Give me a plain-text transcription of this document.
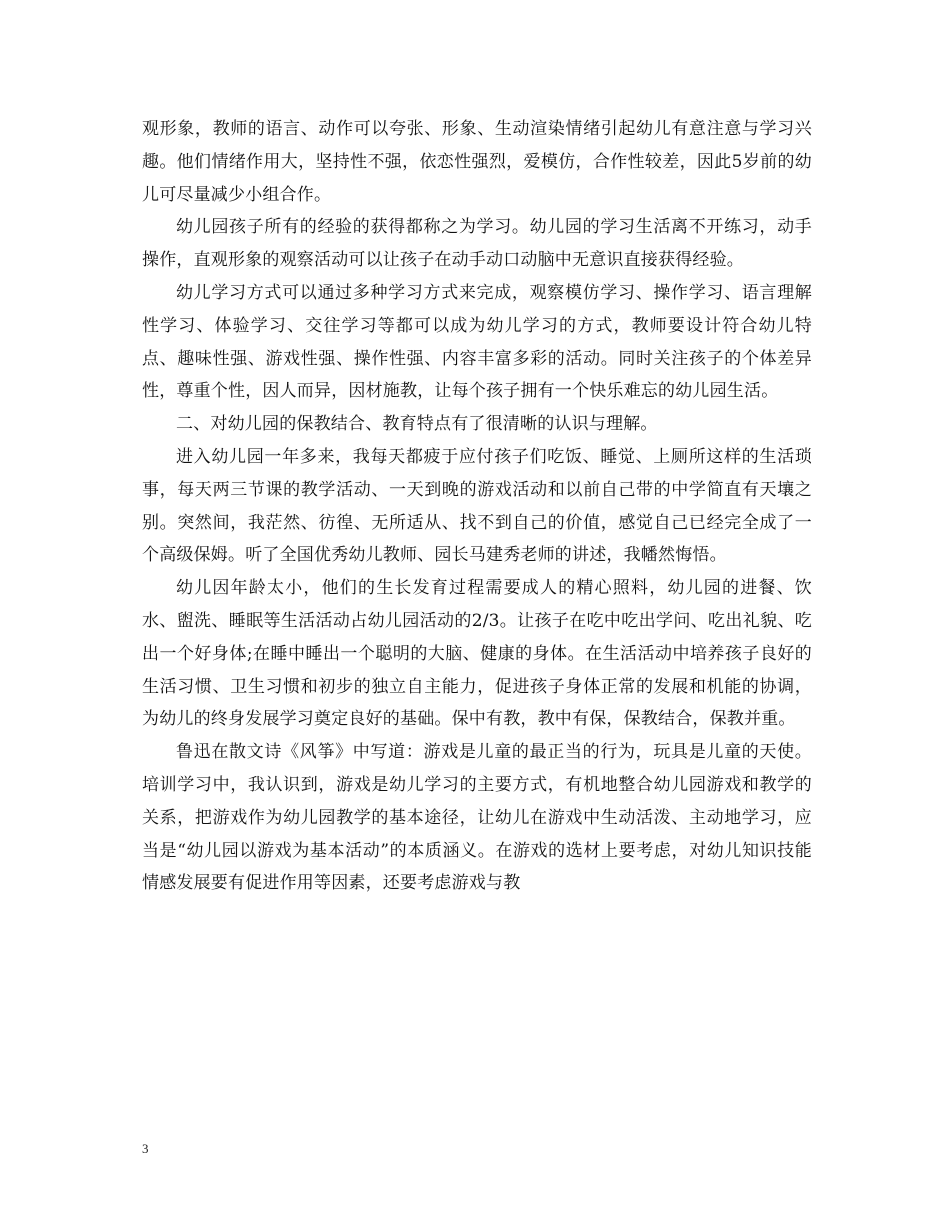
观形象，教师的语言、动作可以夸张、形象、生动渲染情绪引起幼儿有意注意与学习兴趣。他们情绪作用大，坚持性不强，依恋性强烈，爱模仿，合作性较差，因此5岁前的幼儿可尽量减少小组合作。

幼儿园孩子所有的经验的获得都称之为学习。幼儿园的学习生活离不开练习，动手操作，直观形象的观察活动可以让孩子在动手动口动脑中无意识直接获得经验。

幼儿学习方式可以通过多种学习方式来完成，观察模仿学习、操作学习、语言理解性学习、体验学习、交往学习等都可以成为幼儿学习的方式，教师要设计符合幼儿特点、趣味性强、游戏性强、操作性强、内容丰富多彩的活动。同时关注孩子的个体差异性，尊重个性，因人而异，因材施教，让每个孩子拥有一个快乐难忘的幼儿园生活。

二、对幼儿园的保教结合、教育特点有了很清晰的认识与理解。

进入幼儿园一年多来，我每天都疲于应付孩子们吃饭、睡觉、上厕所这样的生活琐事，每天两三节课的教学活动、一天到晚的游戏活动和以前自己带的中学简直有天壤之别。突然间，我茫然、彷徨、无所适从、找不到自己的价值，感觉自己已经完全成了一个高级保姆。听了全国优秀幼儿教师、园长马建秀老师的讲述，我幡然悔悟。

幼儿因年龄太小，他们的生长发育过程需要成人的精心照料，幼儿园的进餐、饮水、盥洗、睡眠等生活活动占幼儿园活动的2/3。让孩子在吃中吃出学问、吃出礼貌、吃出一个好身体;在睡中睡出一个聪明的大脑、健康的身体。在生活活动中培养孩子良好的生活习惯、卫生习惯和初步的独立自主能力，促进孩子身体正常的发展和机能的协调，为幼儿的终身发展学习奠定良好的基础。保中有教，教中有保，保教结合，保教并重。

鲁迅在散文诗《风筝》中写道：游戏是儿童的最正当的行为，玩具是儿童的天使。培训学习中，我认识到，游戏是幼儿学习的主要方式，有机地整合幼儿园游戏和教学的关系，把游戏作为幼儿园教学的基本途径，让幼儿在游戏中生动活泼、主动地学习，应当是“幼儿园以游戏为基本活动”的本质涵义。在游戏的选材上要考虑，对幼儿知识技能情感发展要有促进作用等因素，还要考虑游戏与教

3
